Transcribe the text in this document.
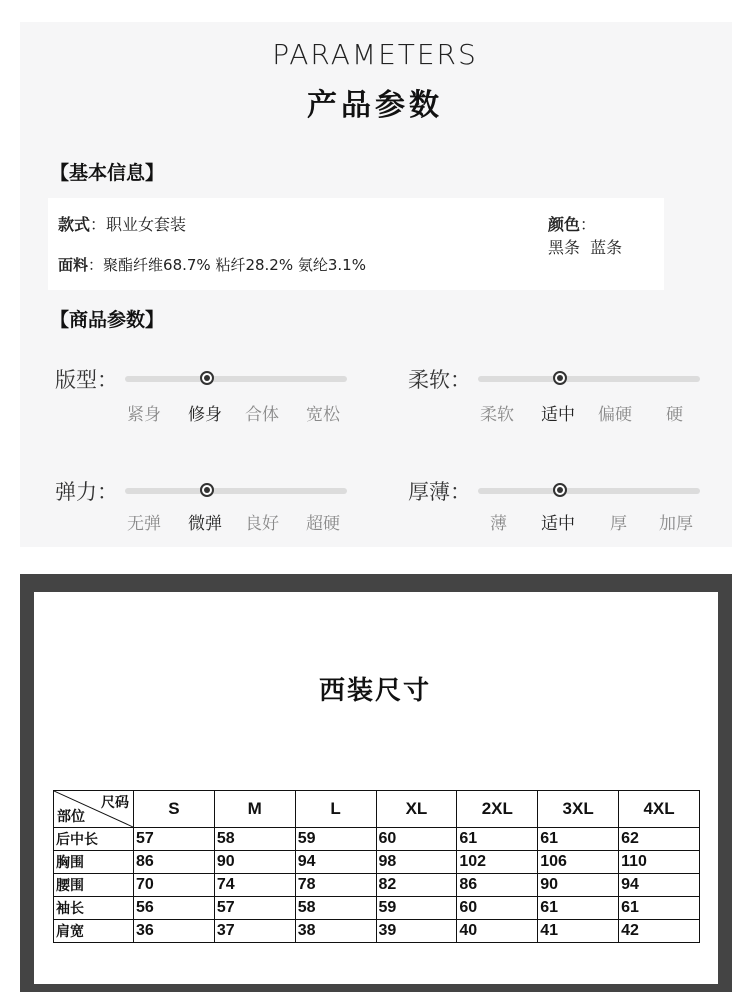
PARAMETERS
产品参数
【基本信息】
款式：职业女套装	颜色：黑条  蓝条
面料：聚酯纤维68.7% 粘纤28.2% 氨纶3.1%
【商品参数】
版型：
紧身 修身 合体 宽松
柔软：
柔软 适中 偏硬 硬
弹力：
无弹 微弹 良好 超硬
厚薄：
薄 适中 厚 加厚
西装尺寸
尺码
部位	S	M	L	XL	2XL	3XL	4XL
后中长	57	58	59	60	61	61	62
胸围	86	90	94	98	102	106	110
腰围	70	74	78	82	86	90	94
袖长	56	57	58	59	60	61	61
肩宽	36	37	38	39	40	41	42
